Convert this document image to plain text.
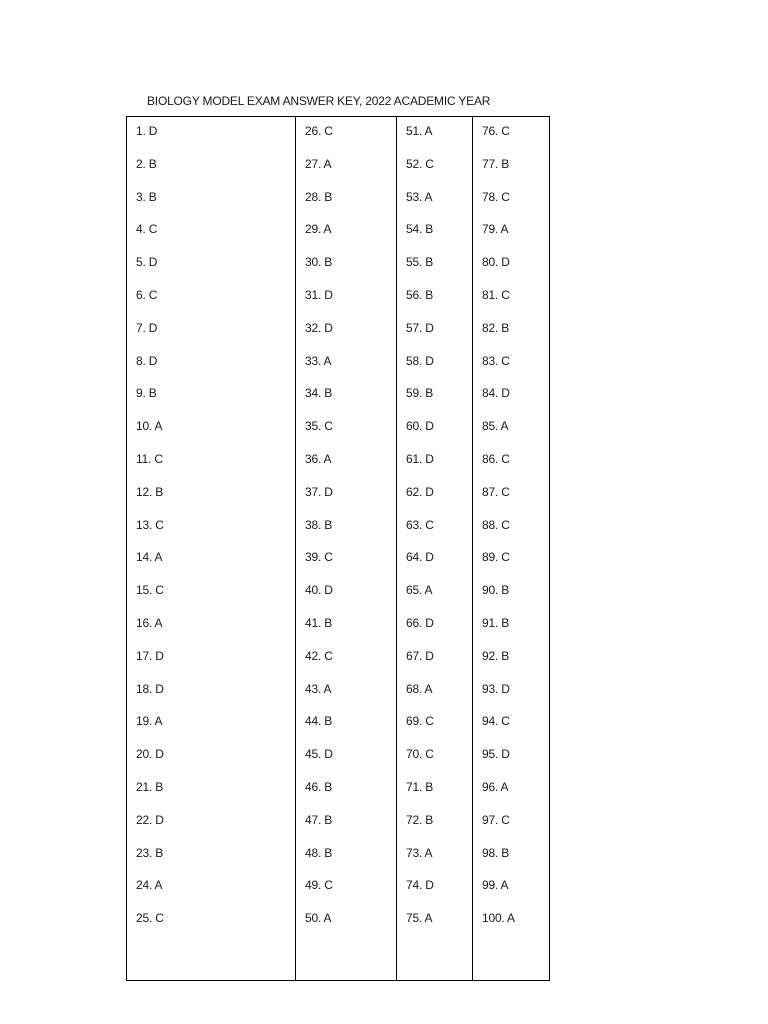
BIOLOGY MODEL EXAM ANSWER KEY, 2022 ACADEMIC YEAR
1. D
2. B
3. B
4. C
5. D
6. C
7. D
8. D
9. B
10. A
11. C
12. B
13. C
14. A
15. C
16. A
17. D
18. D
19. A
20. D
21. B
22. D
23. B
24. A
25. C
26. C
27. A
28. B
29. A
30. B
31. D
32. D
33. A
34. B
35. C
36. A
37. D
38. B
39. C
40. D
41. B
42. C
43. A
44. B
45. D
46. B
47. B
48. B
49. C
50. A
51. A
52. C
53. A
54. B
55. B
56. B
57. D
58. D
59. B
60. D
61. D
62. D
63. C
64. D
65. A
66. D
67. D
68. A
69. C
70. C
71. B
72. B
73. A
74. D
75. A
76. C
77. B
78. C
79. A
80. D
81. C
82. B
83. C
84. D
85. A
86. C
87. C
88. C
89. C
90. B
91. B
92. B
93. D
94. C
95. D
96. A
97. C
98. B
99. A
100. A
